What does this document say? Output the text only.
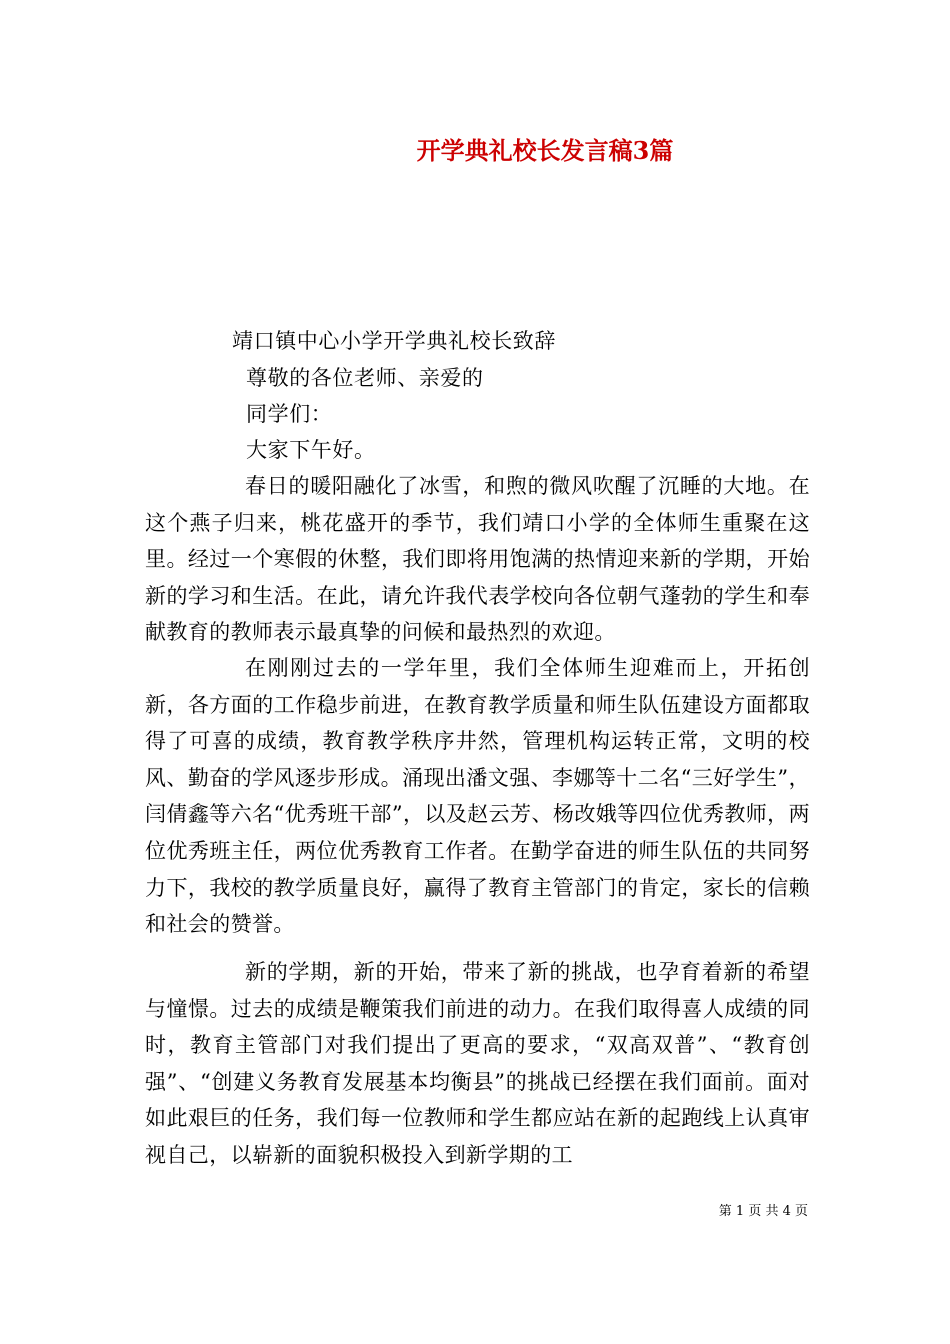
开学典礼校长发言稿3篇
靖口镇中心小学开学典礼校长致辞
尊敬的各位老师、亲爱的
同学们：
大家下午好。

春日的暖阳融化了冰雪，和煦的微风吹醒了沉睡的大地。在这个燕子归来，桃花盛开的季节，我们靖口小学的全体师生重聚在这里。经过一个寒假的休整，我们即将用饱满的热情迎来新的学期，开始新的学习和生活。在此，请允许我代表学校向各位朝气蓬勃的学生和奉献教育的教师表示最真挚的问候和最热烈的欢迎。

在刚刚过去的一学年里，我们全体师生迎难而上，开拓创新，各方面的工作稳步前进，在教育教学质量和师生队伍建设方面都取得了可喜的成绩，教育教学秩序井然，管理机构运转正常，文明的校风、勤奋的学风逐步形成。涌现出潘文强、李娜等十二名“三好学生”，闫倩鑫等六名“优秀班干部”，以及赵云芳、杨改娥等四位优秀教师，两位优秀班主任，两位优秀教育工作者。在勤学奋进的师生队伍的共同努力下，我校的教学质量良好，赢得了教育主管部门的肯定，家长的信赖和社会的赞誉。

新的学期，新的开始，带来了新的挑战，也孕育着新的希望与憧憬。过去的成绩是鞭策我们前进的动力。在我们取得喜人成绩的同时，教育主管部门对我们提出了更高的要求，“双高双普”、“教育创强”、“创建义务教育发展基本均衡县”的挑战已经摆在我们面前。面对如此艰巨的任务，我们每一位教师和学生都应站在新的起跑线上认真审视自己，以崭新的面貌积极投入到新学期的工

第 1 页 共 4 页
